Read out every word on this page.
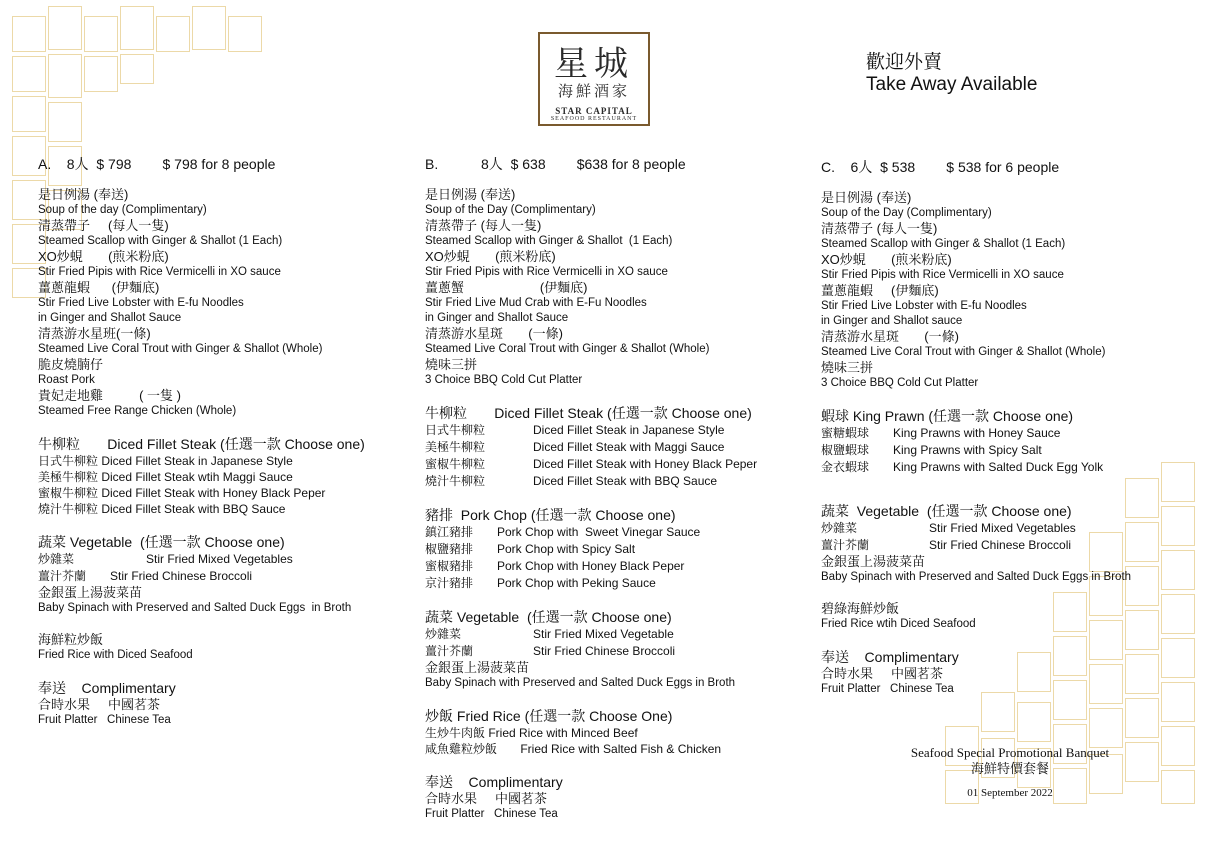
星城
海鮮酒家
STAR CAPITAL
SEAFOOD RESTAURANT
歡迎外賣
Take Away Available
A.    8人  $ 798        $ 798 for 8 people
是日例湯 (奉送)
Soup of the day (Complimentary)
清蒸帶子     (每人一隻)
Steamed Scallop with Ginger & Shallot (1 Each)
XO炒蜆       (煎米粉底)
Stir Fried Pipis with Rice Vermicelli in XO sauce
薑蔥龍蝦      (伊麵底)
Stir Fried Live Lobster with E-fu Noodles
in Ginger and Shallot Sauce
清蒸游水星班(一條)
Steamed Live Coral Trout with Ginger & Shallot (Whole)
脆皮燒腩仔
Roast Pork
貴妃走地雞          ( 一隻 )
Steamed Free Range Chicken (Whole)
牛柳粒       Diced Fillet Steak (任選一款 Choose one)
日式牛柳粒 Diced Fillet Steak in Japanese Style
美極牛柳粒 Diced Fillet Steak wtih Maggi Sauce
蜜椒牛柳粒 Diced Fillet Steak with Honey Black Peper
燒汁牛柳粒 Diced Fillet Steak with BBQ Sauce
蔬菜 Vegetable  (任選一款 Choose one)
炒雜菜	Stir Fried Mixed Vegetables
薑汁芥蘭	Stir Fried Chinese Broccoli
金銀蛋上湯菠菜苗
Baby Spinach with Preserved and Salted Duck Eggs  in Broth
海鮮粒炒飯
Fried Rice with Diced Seafood
奉送    Complimentary
合時水果     中國茗茶
Fruit Platter   Chinese Tea
B.           8人  $ 638        $638 for 8 people
是日例湯 (奉送)
Soup of the Day (Complimentary)
清蒸帶子 (每人一隻)
Steamed Scallop with Ginger & Shallot  (1 Each)
XO炒蜆       (煎米粉底)
Stir Fried Pipis with Rice Vermicelli in XO sauce
薑蔥蟹                     (伊麵底)
Stir Fried Live Mud Crab with E-Fu Noodles
in Ginger and Shallot Sauce
清蒸游水星斑       (一條)
Steamed Live Coral Trout with Ginger & Shallot (Whole)
燒味三拼
3 Choice BBQ Cold Cut Platter
牛柳粒       Diced Fillet Steak (任選一款 Choose one)
日式牛柳粒	Diced Fillet Steak in Japanese Style
美極牛柳粒	Diced Fillet Steak with Maggi Sauce
蜜椒牛柳粒	Diced Fillet Steak with Honey Black Peper
燒汁牛柳粒	Diced Fillet Steak with BBQ Sauce
豬排  Pork Chop (任選一款 Choose one)
鎮江豬排	Pork Chop with  Sweet Vinegar Sauce
椒鹽豬排	Pork Chop with Spicy Salt
蜜椒豬排	Pork Chop with Honey Black Peper
京汁豬排	Pork Chop with Peking Sauce
蔬菜 Vegetable  (任選一款 Choose one)
炒雜菜	Stir Fried Mixed Vegetable
薑汁芥蘭	Stir Fried Chinese Broccoli
金銀蛋上湯菠菜苗
Baby Spinach with Preserved and Salted Duck Eggs in Broth
炒飯 Fried Rice (任選一款 Choose One)
生炒牛肉飯 Fried Rice with Minced Beef
咸魚雞粒炒飯       Fried Rice with Salted Fish & Chicken
奉送    Complimentary
合時水果     中國茗茶
Fruit Platter   Chinese Tea
C.    6人  $ 538        $ 538 for 6 people
是日例湯 (奉送)
Soup of the Day (Complimentary)
清蒸帶子 (每人一隻)
Steamed Scallop with Ginger & Shallot (1 Each)
XO炒蜆       (煎米粉底)
Stir Fried Pipis with Rice Vermicelli in XO sauce
薑蔥龍蝦     (伊麵底)
Stir Fried Live Lobster with E-fu Noodles
in Ginger and Shallot sauce
清蒸游水星斑       (一條)
Steamed Live Coral Trout with Ginger & Shallot (Whole)
燒味三拼
3 Choice BBQ Cold Cut Platter
蝦球 King Prawn (任選一款 Choose one)
蜜糖蝦球	King Prawns with Honey Sauce
椒鹽蝦球	King Prawns with Spicy Salt
金衣蝦球	King Prawns with Salted Duck Egg Yolk
蔬菜  Vegetable  (任選一款 Choose one)
炒雜菜	Stir Fried Mixed Vegetables
薑汁芥蘭	Stir Fried Chinese Broccoli
金銀蛋上湯菠菜苗
Baby Spinach with Preserved and Salted Duck Eggs in Broth
碧綠海鮮炒飯
Fried Rice wtih Diced Seafood
奉送    Complimentary
合時水果     中國茗茶
Fruit Platter   Chinese Tea
Seafood Special Promotional Banquet
海鮮特價套餐
01 September 2022
